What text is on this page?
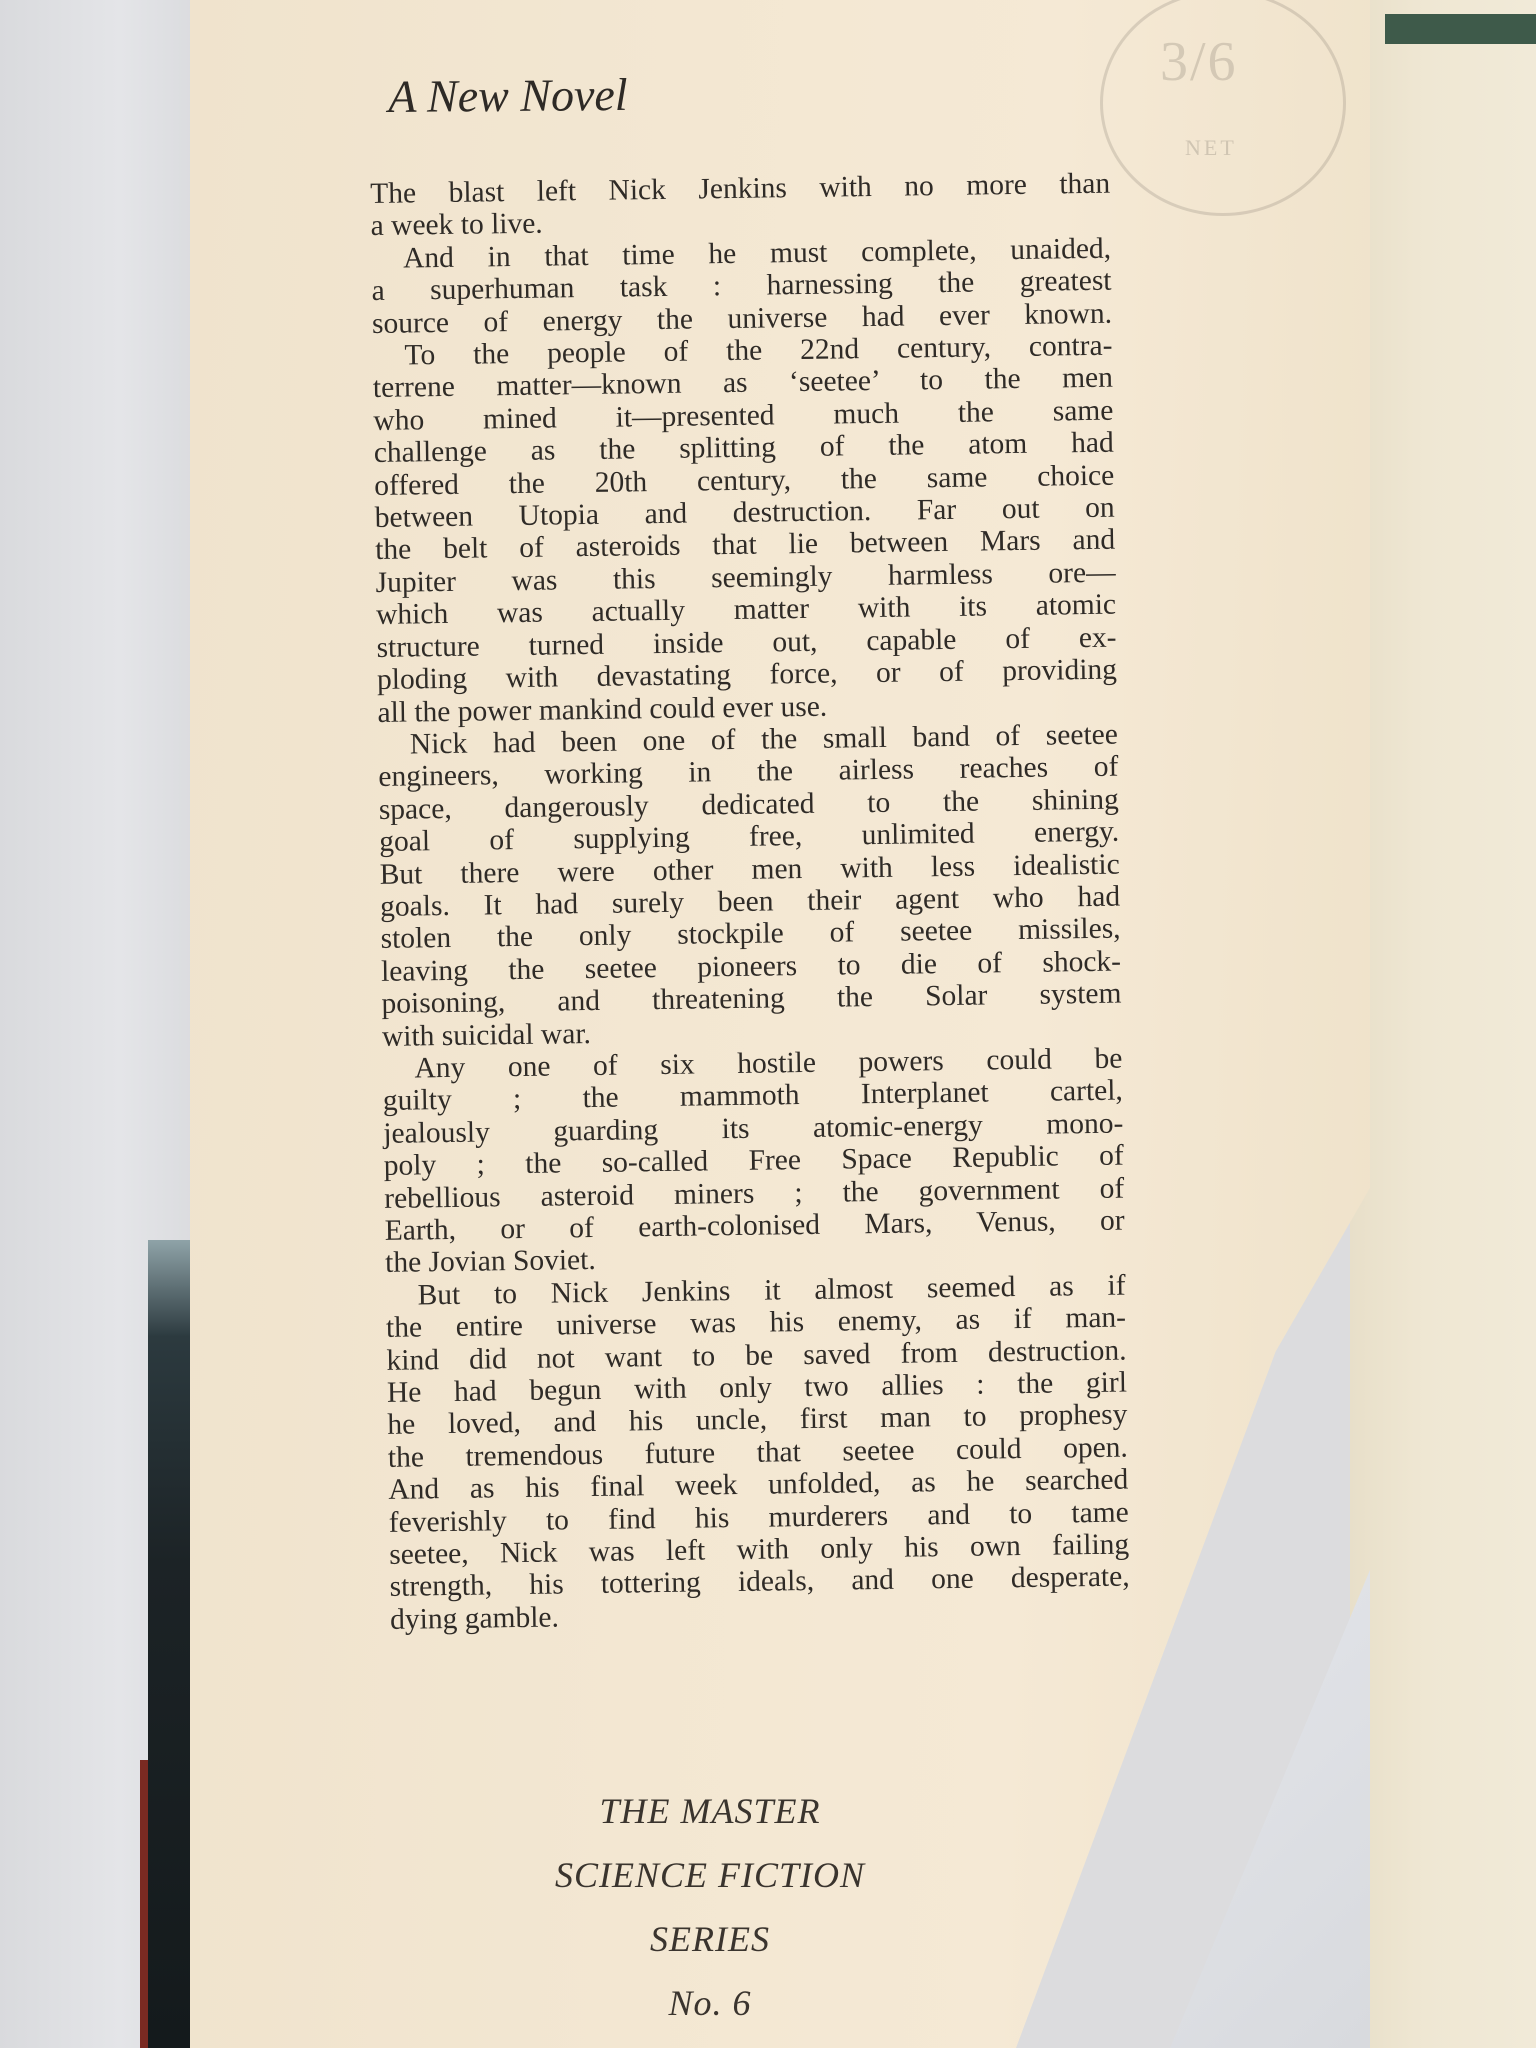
3/6
NET
A New Novel
The blast left Nick Jenkins with no more than
a week to live.
And in that time he must complete, unaided,
a superhuman task : harnessing the greatest
source of energy the universe had ever known.
To the people of the 22nd century, contra-
terrene matter—known as ‘seetee’ to the men
who mined it—presented much the same
challenge as the splitting of the atom had
offered the 20th century, the same choice
between Utopia and destruction. Far out on
the belt of asteroids that lie between Mars and
Jupiter was this seemingly harmless ore—
which was actually matter with its atomic
structure turned inside out, capable of ex-
ploding with devastating force, or of providing
all the power mankind could ever use.
Nick had been one of the small band of seetee
engineers, working in the airless reaches of
space, dangerously dedicated to the shining
goal of supplying free, unlimited energy.
But there were other men with less idealistic
goals. It had surely been their agent who had
stolen the only stockpile of seetee missiles,
leaving the seetee pioneers to die of shock-
poisoning, and threatening the Solar system
with suicidal war.
Any one of six hostile powers could be
guilty ; the mammoth Interplanet cartel,
jealously guarding its atomic-energy mono-
poly ; the so-called Free Space Republic of
rebellious asteroid miners ; the government of
Earth, or of earth-colonised Mars, Venus, or
the Jovian Soviet.
But to Nick Jenkins it almost seemed as if
the entire universe was his enemy, as if man-
kind did not want to be saved from destruction.
He had begun with only two allies : the girl
he loved, and his uncle, first man to prophesy
the tremendous future that seetee could open.
And as his final week unfolded, as he searched
feverishly to find his murderers and to tame
seetee, Nick was left with only his own failing
strength, his tottering ideals, and one desperate,
dying gamble.
THE MASTER
SCIENCE FICTION
SERIES
No. 6
